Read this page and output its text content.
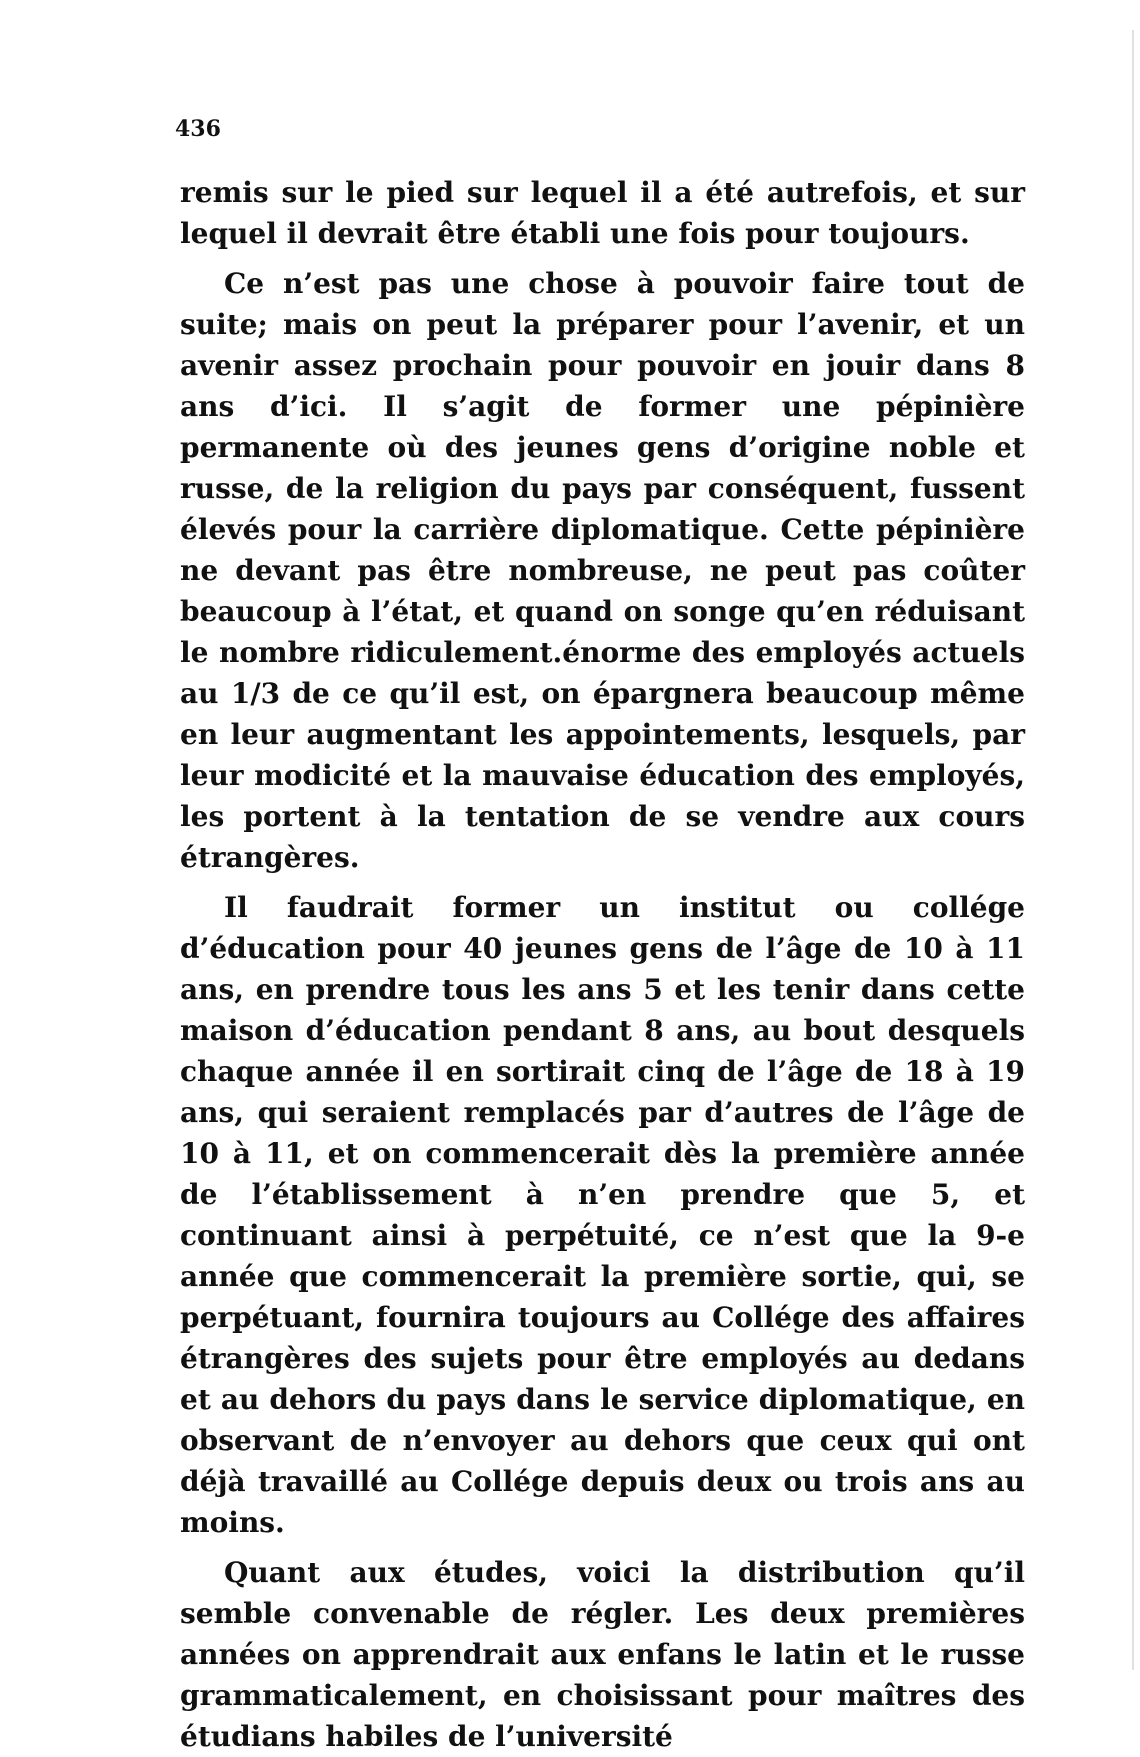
436

remis sur le pied sur lequel il a été autrefois, et sur lequel il devrait être établi une fois pour toujours.

Ce n’est pas une chose à pouvoir faire tout de suite; mais on peut la préparer pour l’avenir, et un avenir assez prochain pour pouvoir en jouir dans 8 ans d’ici. Il s’agit de former une pépinière permanente où des jeunes gens d’origine noble et russe, de la religion du pays par conséquent, fussent élevés pour la carrière diplomatique. Cette pépinière ne devant pas être nombreuse, ne peut pas coûter beaucoup à l’état, et quand on songe qu’en réduisant le nombre ridiculement.énorme des employés actuels au 1/3 de ce qu’il est, on épargnera beaucoup même en leur augmentant les appointements, lesquels, par leur modicité et la mauvaise éducation des employés, les portent à la tentation de se vendre aux cours étrangères.

Il faudrait former un institut ou collége d’éducation pour 40 jeunes gens de l’âge de 10 à 11 ans, en prendre tous les ans 5 et les tenir dans cette maison d’éducation pendant 8 ans, au bout desquels chaque année il en sortirait cinq de l’âge de 18 à 19 ans, qui seraient remplacés par d’autres de l’âge de 10 à 11, et on commencerait dès la première année de l’établissement à n’en prendre que 5, et continuant ainsi à perpétuité, ce n’est que la 9-e année que commencerait la première sortie, qui, se perpétuant, fournira toujours au Collége des affaires étrangères des sujets pour être employés au dedans et au dehors du pays dans le service diplomatique, en observant de n’envoyer au dehors que ceux qui ont déjà travaillé au Collége depuis deux ou trois ans au moins.

Quant aux études, voici la distribution qu’il semble convenable de régler. Les deux premières années on apprendrait aux enfans le latin et le russe grammaticalement, en choisissant pour maîtres des étudians habiles de l’université
